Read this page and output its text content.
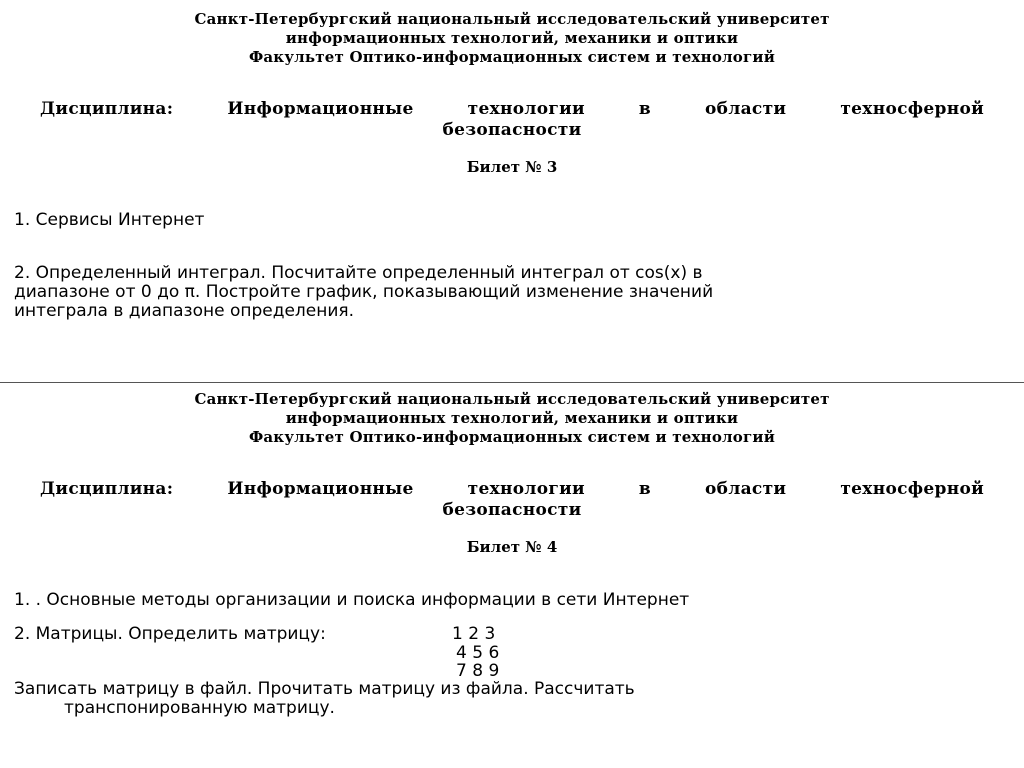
Санкт-Петербургский национальный исследовательский университет
информационных технологий, механики и оптики
Факультет Оптико-информационных систем и технологий
Дисциплина: Информационные технологии в области техносферной
безопасности
Билет № 3
1. Сервисы Интернет
2. Определенный интеграл. Посчитайте определенный интеграл от cos(x) в
диапазоне от 0 до π. Постройте график, показывающий изменение значений
интеграла в диапазоне определения.
Санкт-Петербургский национальный исследовательский университет
информационных технологий, механики и оптики
Факультет Оптико-информационных систем и технологий
Дисциплина: Информационные технологии в области техносферной
безопасности
Билет № 4
1. . Основные методы организации и поиска информации в сети Интернет
2. Матрицы. Определить матрицу:	1 2 3
4 5 6
7 8 9
Записать матрицу в файл. Прочитать матрицу из файла. Рассчитать
транспонированную матрицу.
